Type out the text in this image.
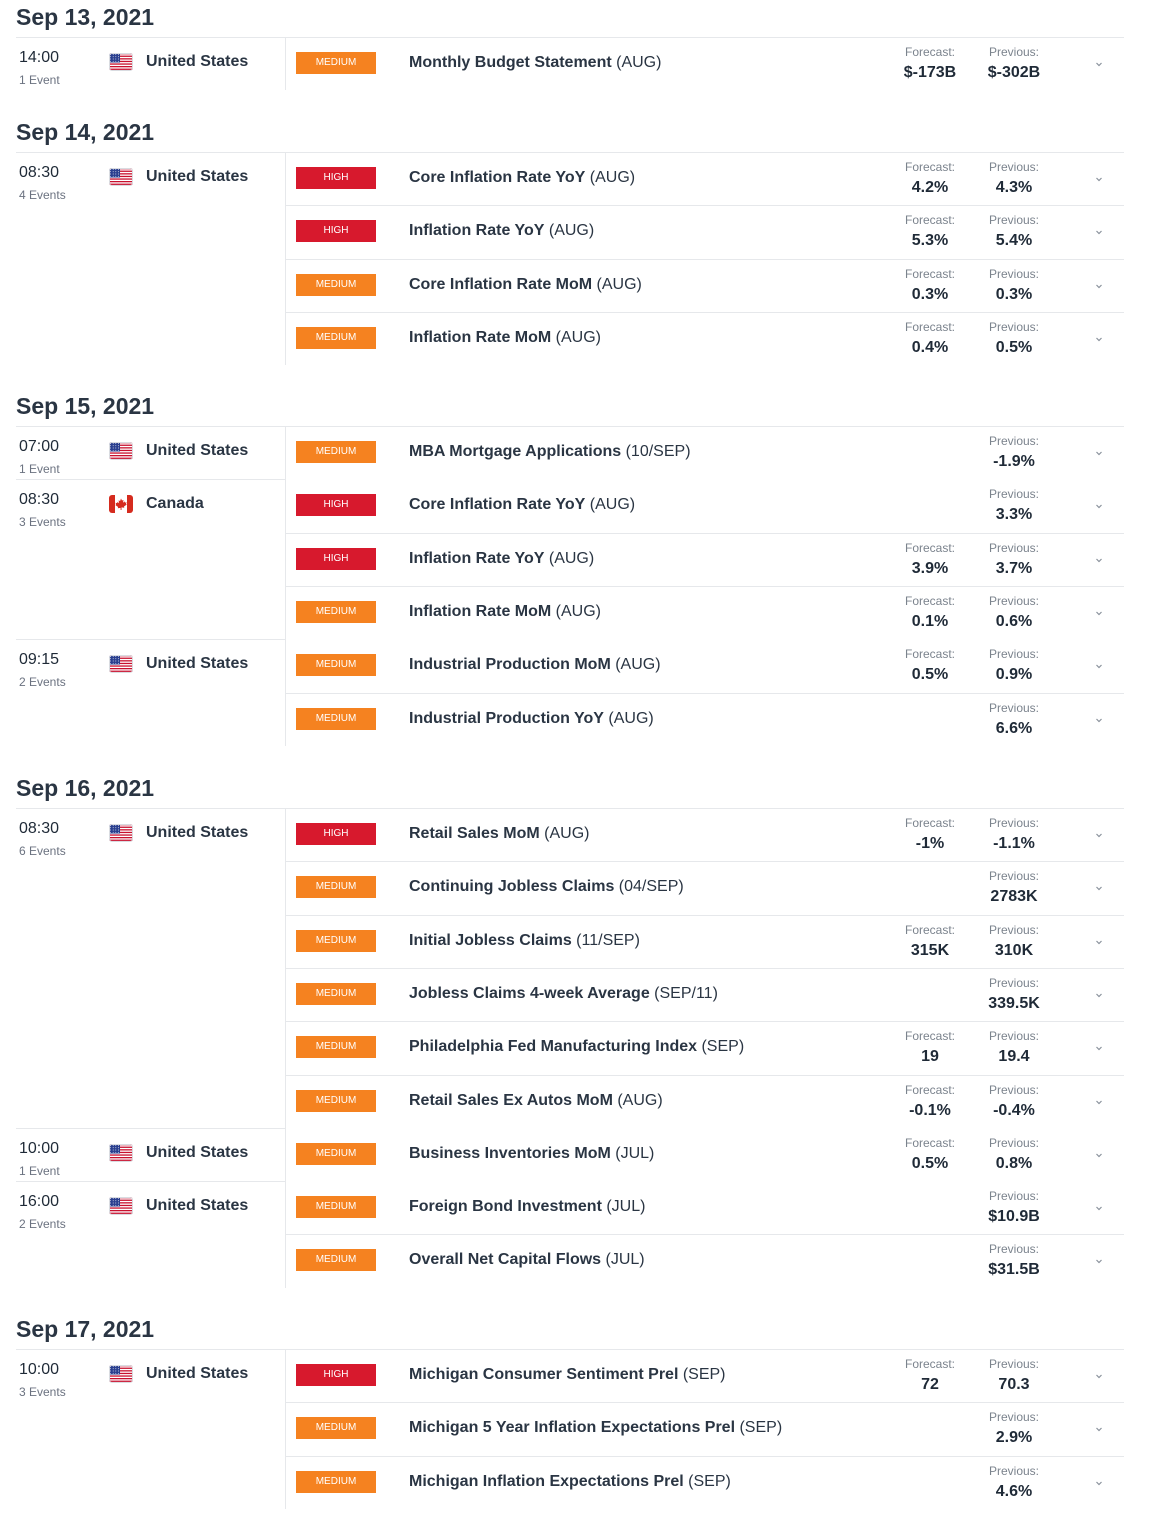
Sep 13, 2021
14:00
1 Event
United States	MEDIUM	Monthly Budget Statement (AUG)
Forecast:
$-173B
Previous:
$-302B
Sep 14, 2021
08:30
4 Events
United States	HIGH	Core Inflation Rate YoY (AUG)
Forecast:
4.2%
Previous:
4.3%
HIGH	Inflation Rate YoY (AUG)
Forecast:
5.3%
Previous:
5.4%
MEDIUM	Core Inflation Rate MoM (AUG)
Forecast:
0.3%
Previous:
0.3%
MEDIUM	Inflation Rate MoM (AUG)
Forecast:
0.4%
Previous:
0.5%
Sep 15, 2021
07:00
1 Event
United States	MEDIUM	MBA Mortgage Applications (10/SEP)
Previous:
-1.9%
08:30
3 Events
Canada	HIGH	Core Inflation Rate YoY (AUG)
Previous:
3.3%
HIGH	Inflation Rate YoY (AUG)
Forecast:
3.9%
Previous:
3.7%
MEDIUM	Inflation Rate MoM (AUG)
Forecast:
0.1%
Previous:
0.6%
09:15
2 Events
United States	MEDIUM	Industrial Production MoM (AUG)
Forecast:
0.5%
Previous:
0.9%
MEDIUM	Industrial Production YoY (AUG)
Previous:
6.6%
Sep 16, 2021
08:30
6 Events
United States	HIGH	Retail Sales MoM (AUG)
Forecast:
-1%
Previous:
-1.1%
MEDIUM	Continuing Jobless Claims (04/SEP)
Previous:
2783K
MEDIUM	Initial Jobless Claims (11/SEP)
Forecast:
315K
Previous:
310K
MEDIUM	Jobless Claims 4-week Average (SEP/11)
Previous:
339.5K
MEDIUM	Philadelphia Fed Manufacturing Index (SEP)
Forecast:
19
Previous:
19.4
MEDIUM	Retail Sales Ex Autos MoM (AUG)
Forecast:
-0.1%
Previous:
-0.4%
10:00
1 Event
United States	MEDIUM	Business Inventories MoM (JUL)
Forecast:
0.5%
Previous:
0.8%
16:00
2 Events
United States	MEDIUM	Foreign Bond Investment (JUL)
Previous:
$10.9B
MEDIUM	Overall Net Capital Flows (JUL)
Previous:
$31.5B
Sep 17, 2021
10:00
3 Events
United States	HIGH	Michigan Consumer Sentiment Prel (SEP)
Forecast:
72
Previous:
70.3
MEDIUM	Michigan 5 Year Inflation Expectations Prel (SEP)
Previous:
2.9%
MEDIUM	Michigan Inflation Expectations Prel (SEP)
Previous:
4.6%
